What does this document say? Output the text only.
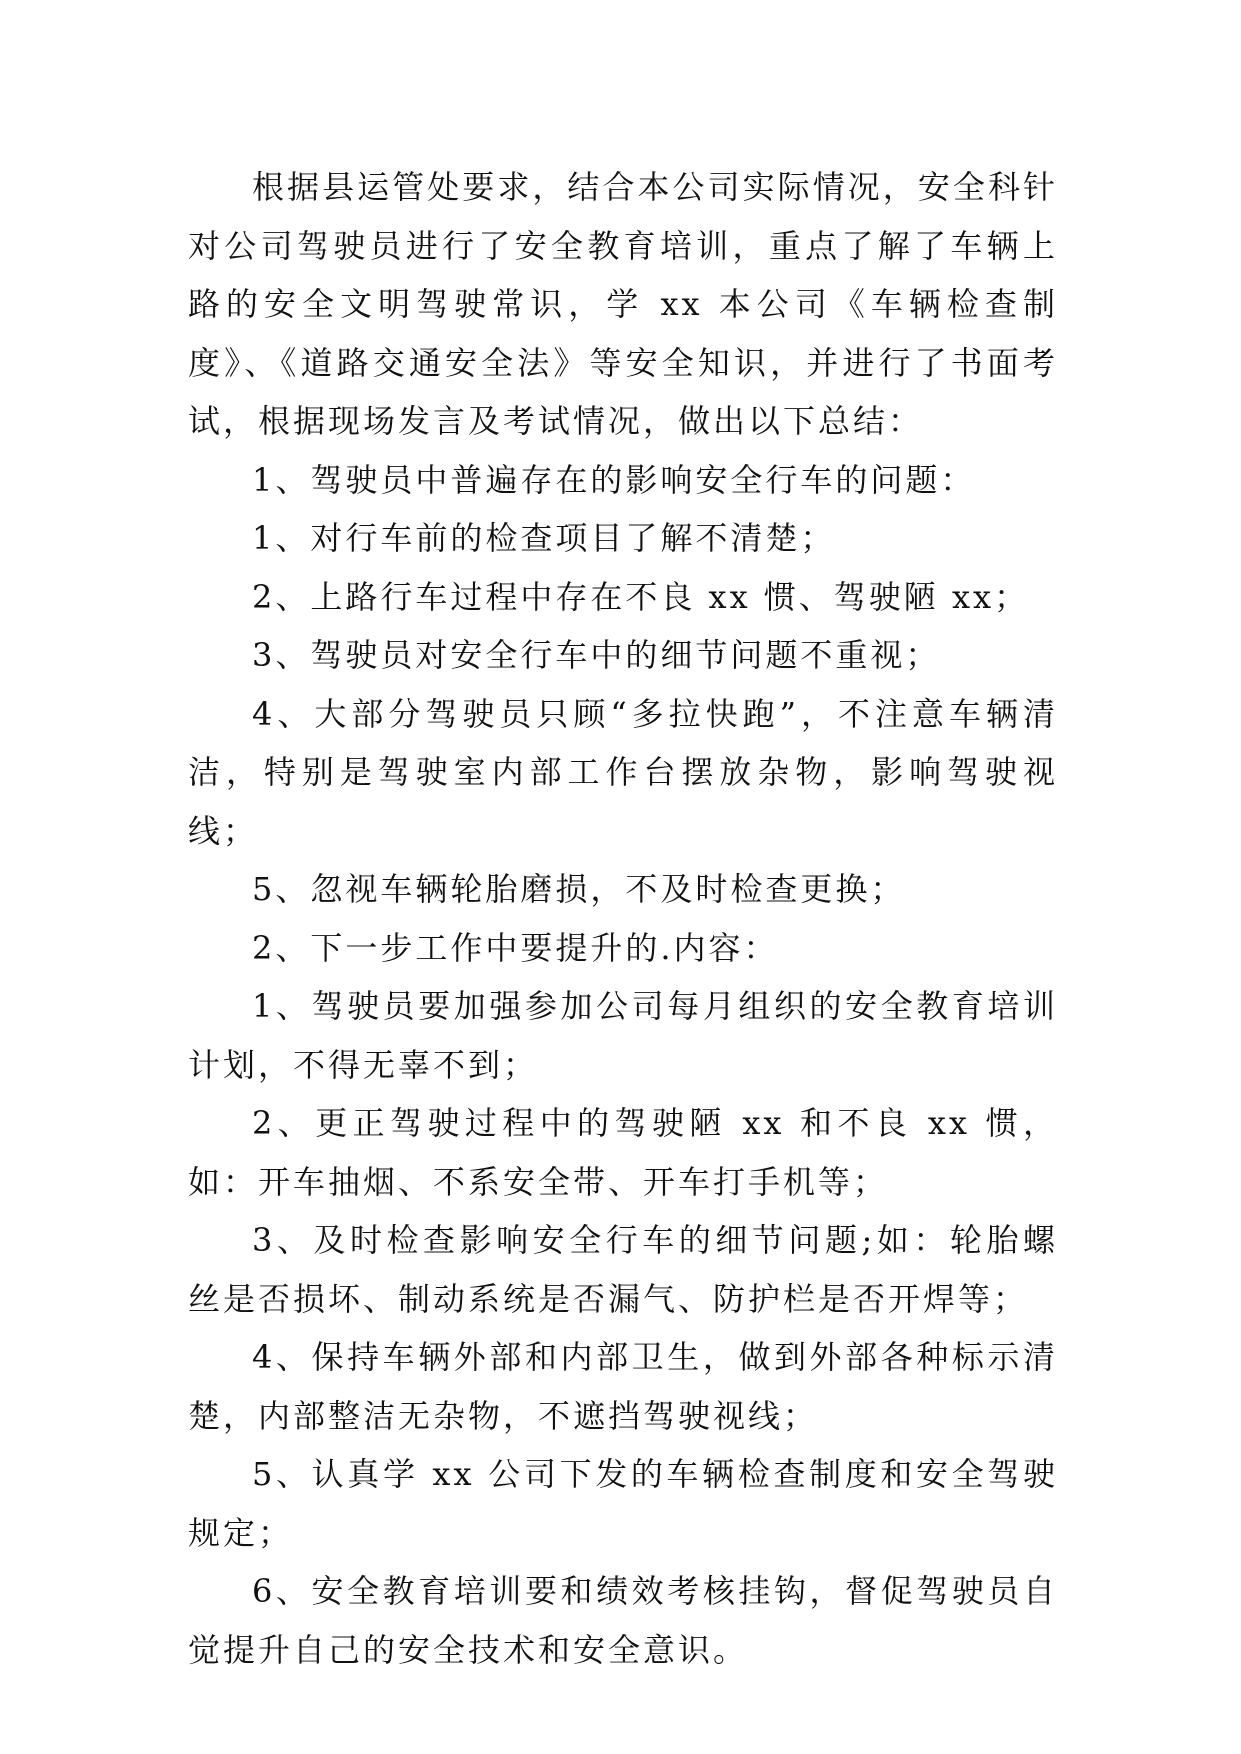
根据县运管处要求，结合本公司实际情况，安全科针对公司驾驶员进行了安全教育培训，重点了解了车辆上路的安全文明驾驶常识，学 xx 本公司《车辆检查制度》、《道路交通安全法》等安全知识，并进行了书面考试，根据现场发言及考试情况，做出以下总结：

1、驾驶员中普遍存在的影响安全行车的问题：

1、对行车前的检查项目了解不清楚；

2、上路行车过程中存在不良 xx 惯、驾驶陋 xx；

3、驾驶员对安全行车中的细节问题不重视；

4、大部分驾驶员只顾“多拉快跑”，不注意车辆清洁，特别是驾驶室内部工作台摆放杂物，影响驾驶视线；

5、忽视车辆轮胎磨损，不及时检查更换；

2、下一步工作中要提升的.内容：

1、驾驶员要加强参加公司每月组织的安全教育培训计划，不得无辜不到；

2、更正驾驶过程中的驾驶陋 xx 和不良 xx 惯，如：开车抽烟、不系安全带、开车打手机等；

3、及时检查影响安全行车的细节问题;如：轮胎螺丝是否损坏、制动系统是否漏气、防护栏是否开焊等；

4、保持车辆外部和内部卫生，做到外部各种标示清楚，内部整洁无杂物，不遮挡驾驶视线；

5、认真学 xx 公司下发的车辆检查制度和安全驾驶规定；

6、安全教育培训要和绩效考核挂钩，督促驾驶员自觉提升自己的安全技术和安全意识。
